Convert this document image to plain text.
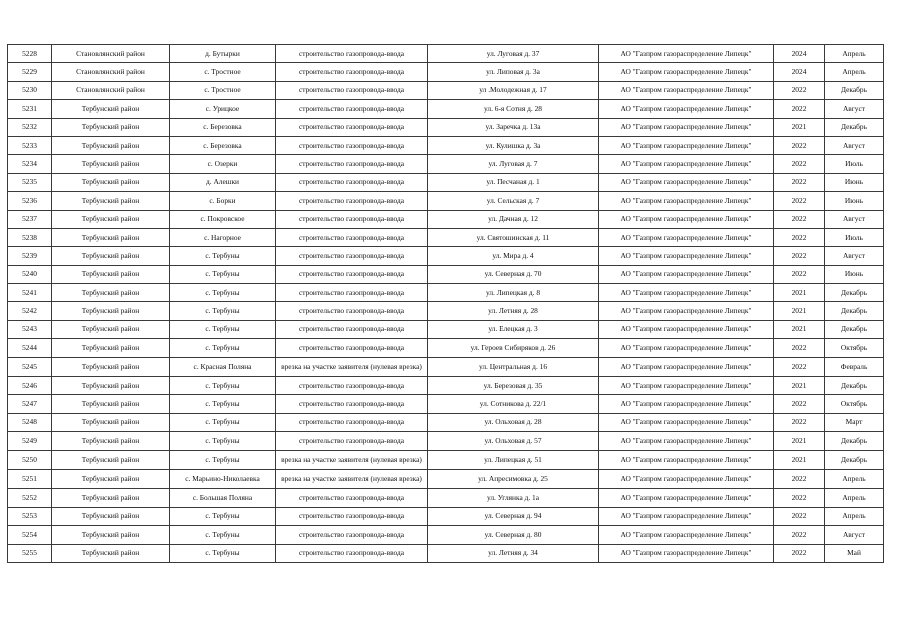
5228	Становлянский район	д. Бутырки	строительство газопровода-ввода	ул. Луговая д. 37	АО "Газпром газораспределение Липецк"	2024	Апрель
5229	Становлянский район	с. Тростное	строительство газопровода-ввода	ул. Липовая д. 3а	АО "Газпром газораспределение Липецк"	2024	Апрель
5230	Становлянский район	с. Тростное	строительство газопровода-ввода	ул .Молодежная д. 17	АО "Газпром газораспределение Липецк"	2022	Декабрь
5231	Тербунский район	с. Урицкое	строительство газопровода-ввода	ул. 6-я Сотня д. 28	АО "Газпром газораспределение Липецк"	2022	Август
5232	Тербунский район	с. Березовка	строительство газопровода-ввода	ул. Заречка д. 13а	АО "Газпром газораспределение Липецк"	2021	Декабрь
5233	Тербунский район	с. Березовка	строительство газопровода-ввода	ул. Кулишка д. 3а	АО "Газпром газораспределение Липецк"	2022	Август
5234	Тербунский район	с. Озерки	строительство газопровода-ввода	ул. Луговая д. 7	АО "Газпром газораспределение Липецк"	2022	Июль
5235	Тербунский район	д. Алешки	строительство газопровода-ввода	ул. Песчаная д. 1	АО "Газпром газораспределение Липецк"	2022	Июнь
5236	Тербунский район	с. Борки	строительство газопровода-ввода	ул. Сельская д. 7	АО "Газпром газораспределение Липецк"	2022	Июнь
5237	Тербунский район	с. Покровское	строительство газопровода-ввода	ул. Дачная д. 12	АО "Газпром газораспределение Липецк"	2022	Август
5238	Тербунский район	с. Нагорное	строительство газопровода-ввода	ул. Святошинская д. 11	АО "Газпром газораспределение Липецк"	2022	Июль
5239	Тербунский район	с. Тербуны	строительство газопровода-ввода	ул. Мира д. 4	АО "Газпром газораспределение Липецк"	2022	Август
5240	Тербунский район	с. Тербуны	строительство газопровода-ввода	ул. Северная д. 70	АО "Газпром газораспределение Липецк"	2022	Июнь
5241	Тербунский район	с. Тербуны	строительство газопровода-ввода	ул. Липецкая д. 8	АО "Газпром газораспределение Липецк"	2021	Декабрь
5242	Тербунский район	с. Тербуны	строительство газопровода-ввода	ул. Летняя д. 28	АО "Газпром газораспределение Липецк"	2021	Декабрь
5243	Тербунский район	с. Тербуны	строительство газопровода-ввода	ул. Елецкая д. 3	АО "Газпром газораспределение Липецк"	2021	Декабрь
5244	Тербунский район	с. Тербуны	строительство газопровода-ввода	ул. Героев Сибиряков д. 26	АО "Газпром газораспределение Липецк"	2022	Октябрь
5245	Тербунский район	с. Красная Поляна	врезка на участке заявителя (нулевая врезка)	ул. Центральная д. 16	АО "Газпром газораспределение Липецк"	2022	Февраль
5246	Тербунский район	с. Тербуны	строительство газопровода-ввода	ул. Березовая д. 35	АО "Газпром газораспределение Липецк"	2021	Декабрь
5247	Тербунский район	с. Тербуны	строительство газопровода-ввода	ул. Сотникова д. 22/1	АО "Газпром газораспределение Липецк"	2022	Октябрь
5248	Тербунский район	с. Тербуны	строительство газопровода-ввода	ул. Ольховая д. 28	АО "Газпром газораспределение Липецк"	2022	Март
5249	Тербунский район	с. Тербуны	строительство газопровода-ввода	ул. Ольховая д. 57	АО "Газпром газораспределение Липецк"	2021	Декабрь
5250	Тербунский район	с. Тербуны	врезка на участке заявителя (нулевая врезка)	ул. Липецкая д. 51	АО "Газпром газораспределение Липецк"	2021	Декабрь
5251	Тербунский район	с. Марьино-Николаевка	врезка на участке заявителя (нулевая врезка)	ул. Апресимовка д. 25	АО "Газпром газораспределение Липецк"	2022	Апрель
5252	Тербунский район	с. Большая Поляна	строительство газопровода-ввода	ул. Углянка д. 1а	АО "Газпром газораспределение Липецк"	2022	Апрель
5253	Тербунский район	с. Тербуны	строительство газопровода-ввода	ул. Северная д. 94	АО "Газпром газораспределение Липецк"	2022	Апрель
5254	Тербунский район	с. Тербуны	строительство газопровода-ввода	ул. Северная д. 80	АО "Газпром газораспределение Липецк"	2022	Август
5255	Тербунский район	с. Тербуны	строительство газопровода-ввода	ул. Летняя д. 34	АО "Газпром газораспределение Липецк"	2022	Май
